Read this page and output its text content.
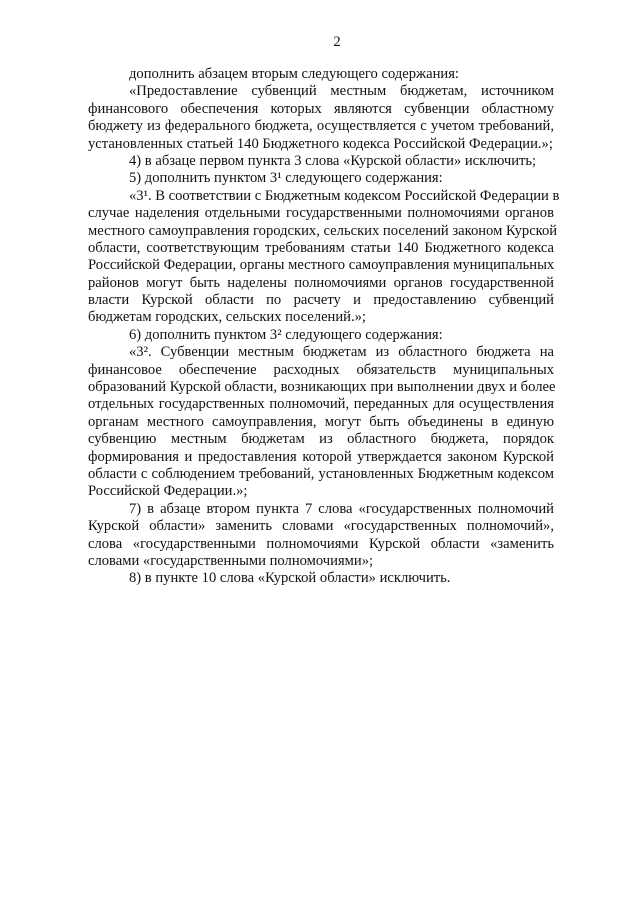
2
дополнить абзацем вторым следующего содержания:
«Предоставление субвенций местным бюджетам, источником
финансового обеспечения которых являются субвенции областному
бюджету из федерального бюджета, осуществляется с учетом требований,
установленных статьей 140 Бюджетного кодекса Российской Федерации.»;
4) в абзаце первом пункта 3 слова «Курской области» исключить;
5) дополнить пунктом 3¹ следующего содержания:
«3¹. В соответствии с Бюджетным кодексом Российской Федерации в
случае наделения отдельными государственными полномочиями органов
местного самоуправления городских, сельских поселений законом Курской
области, соответствующим требованиям статьи 140 Бюджетного кодекса
Российской Федерации, органы местного самоуправления муниципальных
районов могут быть наделены полномочиями органов государственной
власти Курской области по расчету и предоставлению субвенций
бюджетам городских, сельских поселений.»;
6) дополнить пунктом 3² следующего содержания:
«3². Субвенции местным бюджетам из областного бюджета на
финансовое обеспечение расходных обязательств муниципальных
образований Курской области, возникающих при выполнении двух и более
отдельных государственных полномочий, переданных для осуществления
органам местного самоуправления, могут быть объединены в единую
субвенцию местным бюджетам из областного бюджета, порядок
формирования и предоставления которой утверждается законом Курской
области с соблюдением требований, установленных Бюджетным кодексом
Российской Федерации.»;
7) в абзаце втором пункта 7 слова «государственных полномочий
Курской области» заменить словами «государственных полномочий»,
слова «государственными полномочиями Курской области «заменить
словами «государственными полномочиями»;
8) в пункте 10 слова «Курской области» исключить.
